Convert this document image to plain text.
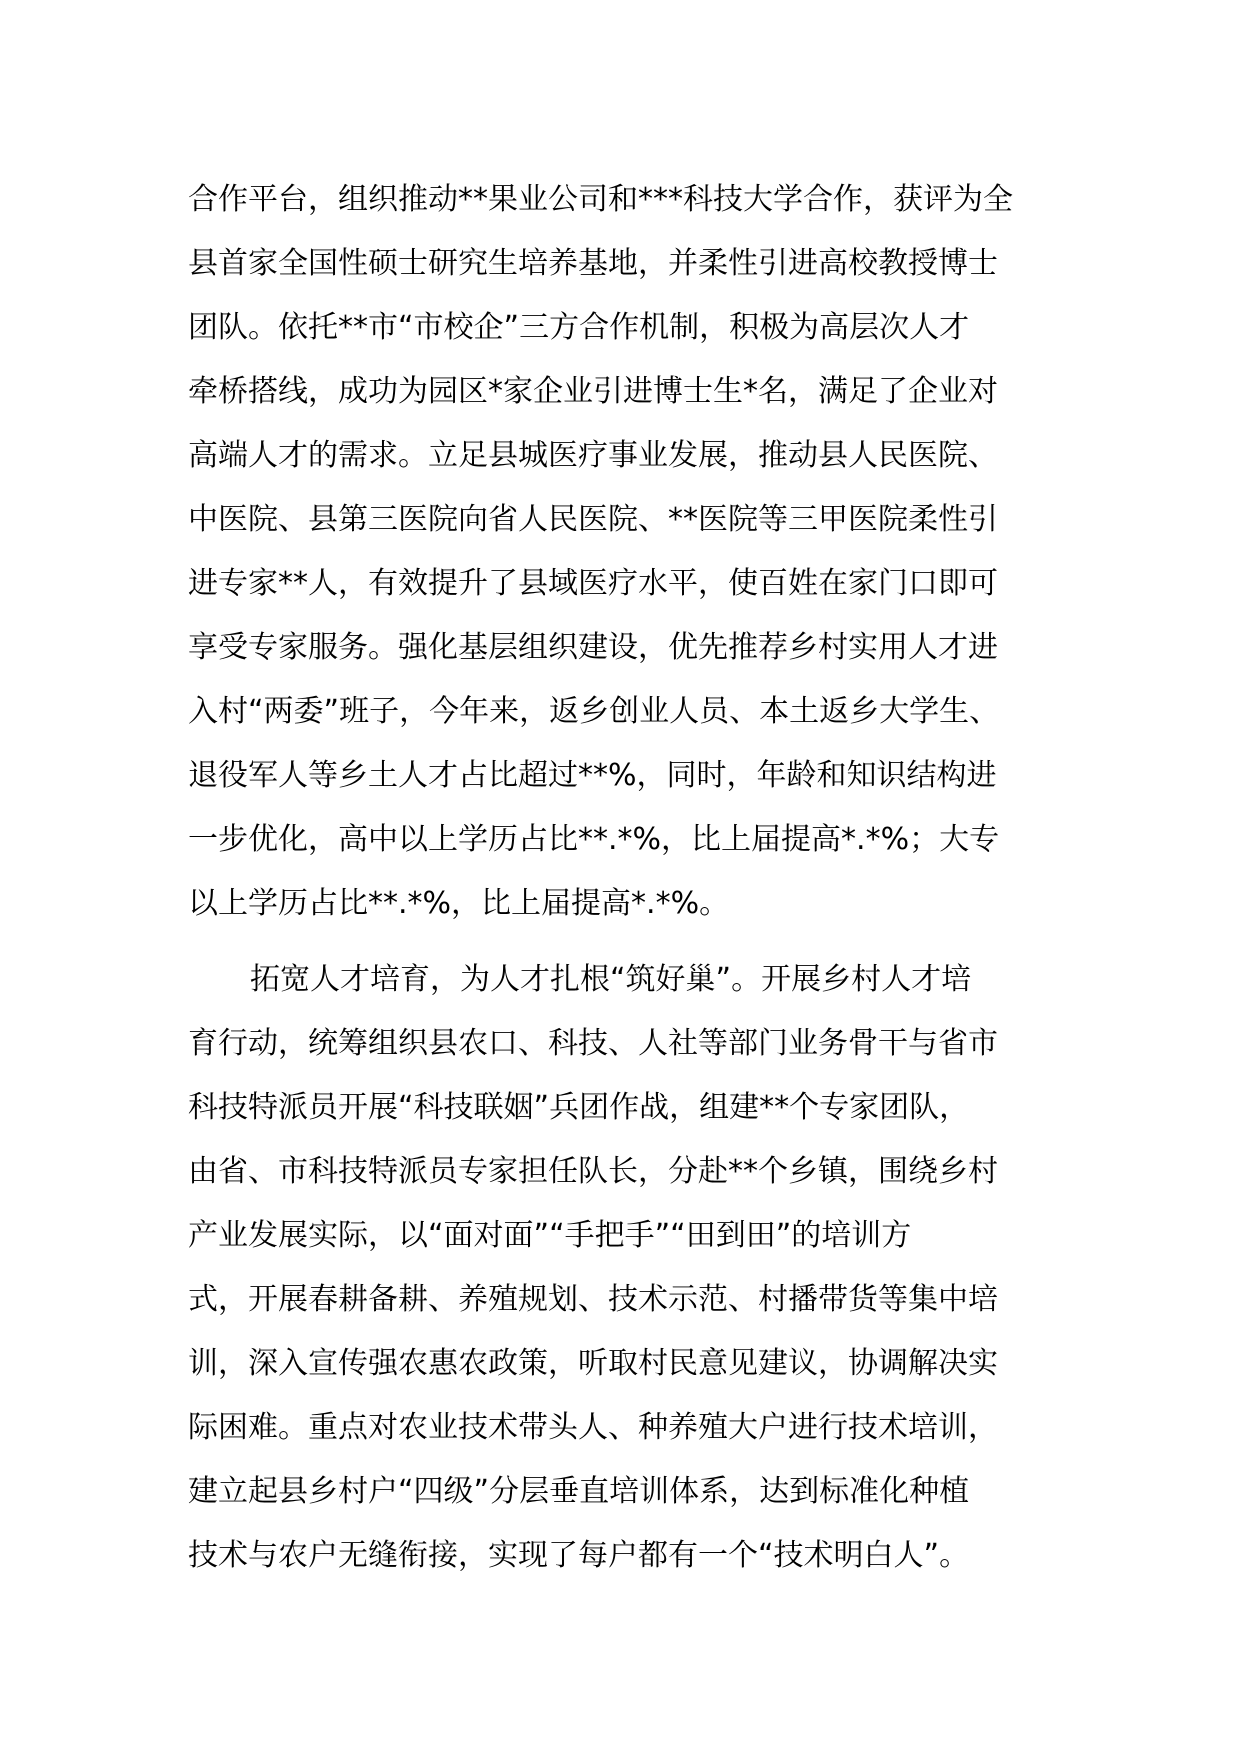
合作平台，组织推动**果业公司和***科技大学合作，获评为全
县首家全国性硕士研究生培养基地，并柔性引进高校教授博士
团队。依托**市“市校企”三方合作机制，积极为高层次人才
牵桥搭线，成功为园区*家企业引进博士生*名，满足了企业对
高端人才的需求。立足县城医疗事业发展，推动县人民医院、
中医院、县第三医院向省人民医院、**医院等三甲医院柔性引
进专家**人，有效提升了县域医疗水平，使百姓在家门口即可
享受专家服务。强化基层组织建设，优先推荐乡村实用人才进
入村“两委”班子，今年来，返乡创业人员、本土返乡大学生、
退役军人等乡土人才占比超过**%，同时，年龄和知识结构进
一步优化，高中以上学历占比**.*%，比上届提高*.*%；大专
以上学历占比**.*%，比上届提高*.*%。
拓宽人才培育，为人才扎根“筑好巢”。开展乡村人才培
育行动，统筹组织县农口、科技、人社等部门业务骨干与省市
科技特派员开展“科技联姻”兵团作战，组建**个专家团队，
由省、市科技特派员专家担任队长，分赴**个乡镇，围绕乡村
产业发展实际，以“面对面”“手把手”“田到田”的培训方
式，开展春耕备耕、养殖规划、技术示范、村播带货等集中培
训，深入宣传强农惠农政策，听取村民意见建议，协调解决实
际困难。重点对农业技术带头人、种养殖大户进行技术培训，
建立起县乡村户“四级”分层垂直培训体系，达到标准化种植
技术与农户无缝衔接，实现了每户都有一个“技术明白人”。
